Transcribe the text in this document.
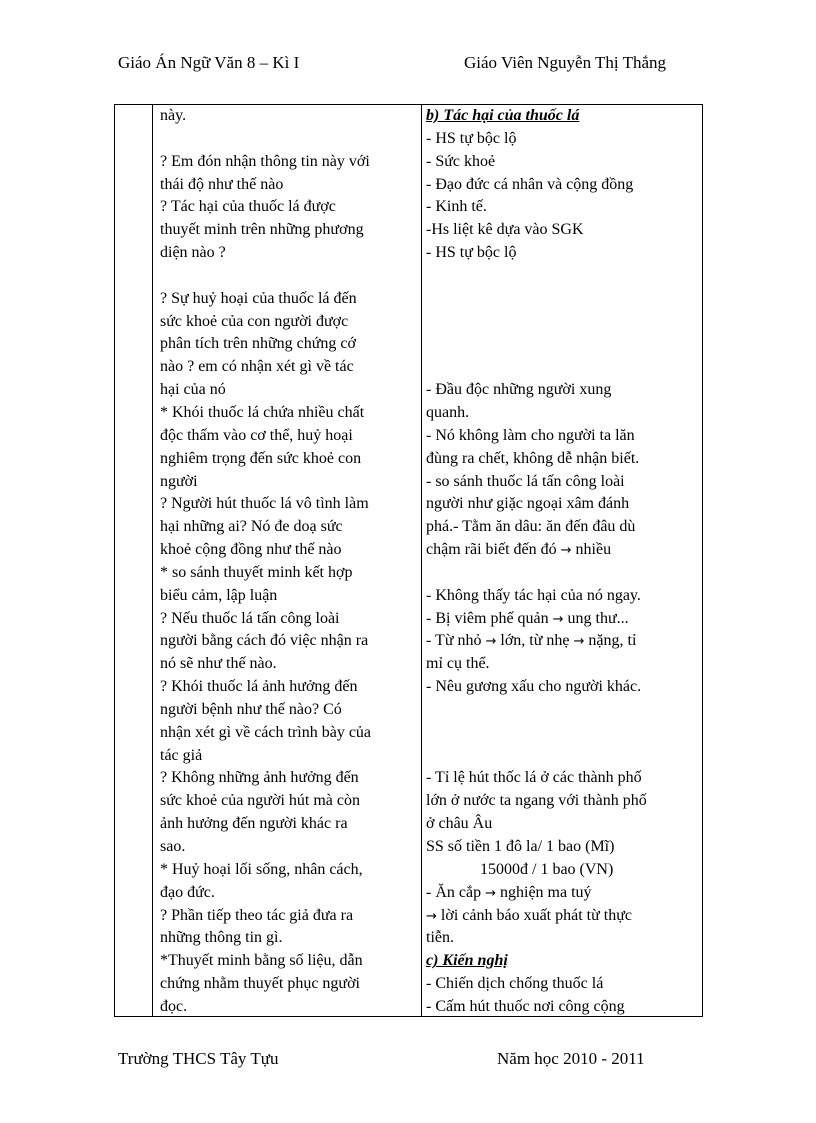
Giáo Án Ngữ Văn 8 – Kì I	Giáo Viên Nguyễn Thị Thắng
này.
? Em đón nhận thông tin này với
thái độ như thế nào
? Tác hại của thuốc lá được
thuyết minh trên những phương
diện nào ?
? Sự huỷ hoại của thuốc lá đến
sức khoẻ của con người được
phân tích trên những chứng cớ
nào ? em có nhận xét gì về tác
hại của nó
* Khói thuốc lá chứa nhiều chất
độc thấm vào cơ thể, huỷ hoại
nghiêm trọng đến sức khoẻ con
người
? Người hút thuốc lá vô tình làm
hại những ai? Nó đe doạ sức
khoẻ cộng đồng như thế nào
* so sánh thuyết minh kết hợp
biểu cảm, lập luận
? Nếu thuốc lá tấn công loài
người bằng cách đó việc nhận ra
nó sẽ như thế nào.
? Khói thuốc lá ảnh hưởng đến
người bệnh như thế nào? Có
nhận xét gì về cách trình bày của
tác giả
? Không những ảnh hưởng đến
sức khoẻ của người hút mà còn
ảnh hưởng đến người khác ra
sao.
* Huỷ hoại lối sống, nhân cách,
đạo đức.
? Phần tiếp theo tác giả đưa ra
những thông tin gì.
*Thuyết minh bằng số liệu, dẫn
chứng nhằm thuyết phục người
đọc.
b) Tác hại của thuốc lá
- HS tự bộc lộ
- Sức khoẻ
- Đạo đức cá nhân và cộng đồng
- Kinh tế.
-Hs liệt kê dựa vào SGK
- HS tự bộc lộ
- Đầu độc những người xung
quanh.
- Nó không làm cho người ta lăn
đùng ra chết, không dễ nhận biết.
- so sánh thuốc lá tấn công loài
người như giặc ngoại xâm đánh
phá.- Tằm ăn dâu: ăn đến đâu dù
chậm rãi biết đến đó → nhiều
- Không thấy tác hại của nó ngay.
- Bị viêm phế quản → ung thư...
- Từ nhỏ → lớn, từ nhẹ → nặng, tỉ
mỉ cụ thể.
- Nêu gương xấu cho người khác.
- Tỉ lệ hút thốc lá ở các thành phố
lớn ở nước ta ngang với thành phố
ở châu Âu
SS số tiền 1 đô la/ 1 bao (Mĩ)
15000đ / 1 bao (VN)
- Ăn cắp → nghiện ma tuý
→ lời cảnh báo xuất phát từ thực
tiễn.
c) Kiến nghị
- Chiến dịch chống thuốc lá
- Cấm hút thuốc nơi công cộng
Trường THCS Tây Tựu	Năm học 2010 - 2011
